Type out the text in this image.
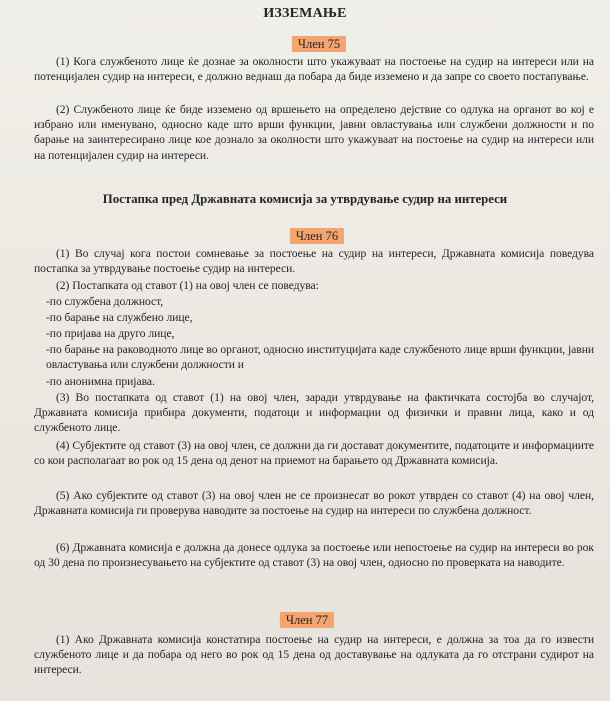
ИЗЗЕМАЊЕ
Член 75
(1) Кога службеното лице ќе дознае за околности што укажуваат на постоење на судир на интереси или на потенцијален судир на интереси, е должно веднаш да побара да биде изземено и да запре со своето постапување.
(2) Службеното лице ќе биде изземено од вршењето на определено дејствие со одлука на органот во кој е избрано или именувано, односно каде што врши функции, јавни овластувања или службени должности и по барање на заинтересирано лице кое дознало за околности што укажуваат на постоење на судир на интереси или на потенцијален судир на интереси.
Постапка пред Државната комисија за утврдување судир на интереси
Член 76
(1) Во случај кога постои сомневање за постоење на судир на интереси, Државната комисија поведува постапка за утврдување постоење судир на интереси.
(2) Постапката од ставот (1) на овој член се поведува:
-по службена должност,
-по барање на службено лице,
-по пријава на друго лице,
-по барање на раководното лице во органот, односно институцијата каде службеното лице врши функции, јавни овластувања или службени должности и
-по анонимна пријава.
(3) Во постапката од ставот (1) на овој член, заради утврдување на фактичката состојба во случајот, Државната комисија прибира документи, податоци и информации од физички и правни лица, како и од службеното лице.
(4) Субјектите од ставот (3) на овој член, се должни да ги достават документите, податоците и информациите со кои располагаат во рок од 15 дена од денот на приемот на барањето од Државната комисија.
(5) Ако субјектите од ставот (3) на овој член не се произнесат во рокот утврден со ставот (4) на овој член, Државната комисија ги проверува наводите за постоење на судир на интереси по службена должност.
(6) Државната комисија е должна да донесе одлука за постоење или непостоење на судир на интереси во рок од 30 дена по произнесувањето на субјектите од ставот (3) на овој член, односно по проверката на наводите.
Член 77
(1) Ако Државната комисија констатира постоење на судир на интереси, е должна за тоа да го извести службеното лице и да побара од него во рок од 15 дена од доставување на одлуката да го отстрани судирот на интереси.
